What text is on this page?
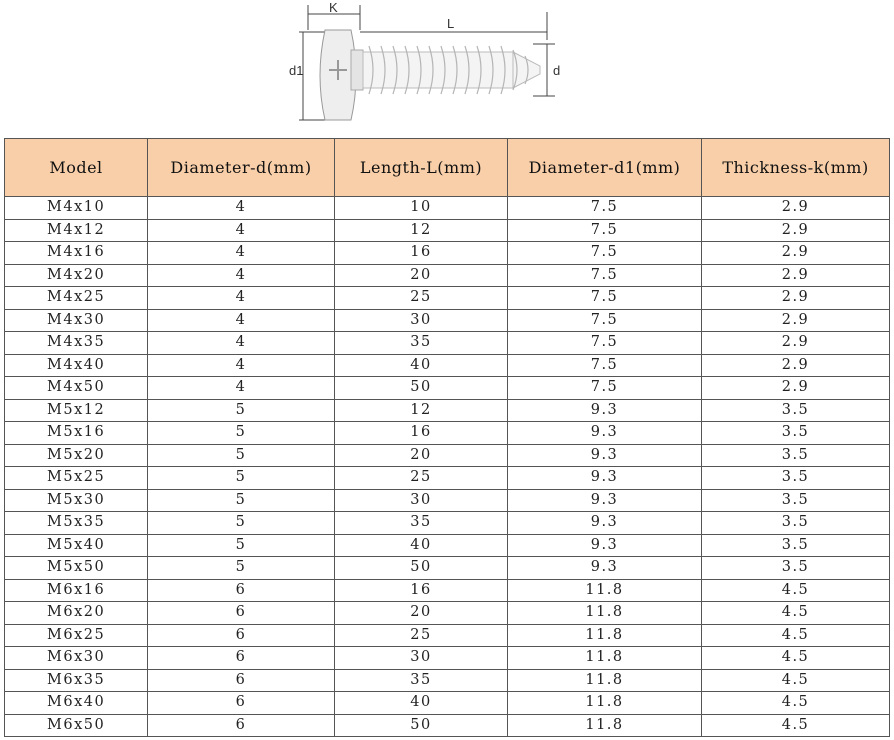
K
L
d1	d
Model	Diameter-d(mm)	Length-L(mm)	Diameter-d1(mm)	Thickness-k(mm)
M4x10	4	10	7.5	2.9
M4x12	4	12	7.5	2.9
M4x16	4	16	7.5	2.9
M4x20	4	20	7.5	2.9
M4x25	4	25	7.5	2.9
M4x30	4	30	7.5	2.9
M4x35	4	35	7.5	2.9
M4x40	4	40	7.5	2.9
M4x50	4	50	7.5	2.9
M5x12	5	12	9.3	3.5
M5x16	5	16	9.3	3.5
M5x20	5	20	9.3	3.5
M5x25	5	25	9.3	3.5
M5x30	5	30	9.3	3.5
M5x35	5	35	9.3	3.5
M5x40	5	40	9.3	3.5
M5x50	5	50	9.3	3.5
M6x16	6	16	11.8	4.5
M6x20	6	20	11.8	4.5
M6x25	6	25	11.8	4.5
M6x30	6	30	11.8	4.5
M6x35	6	35	11.8	4.5
M6x40	6	40	11.8	4.5
M6x50	6	50	11.8	4.5
